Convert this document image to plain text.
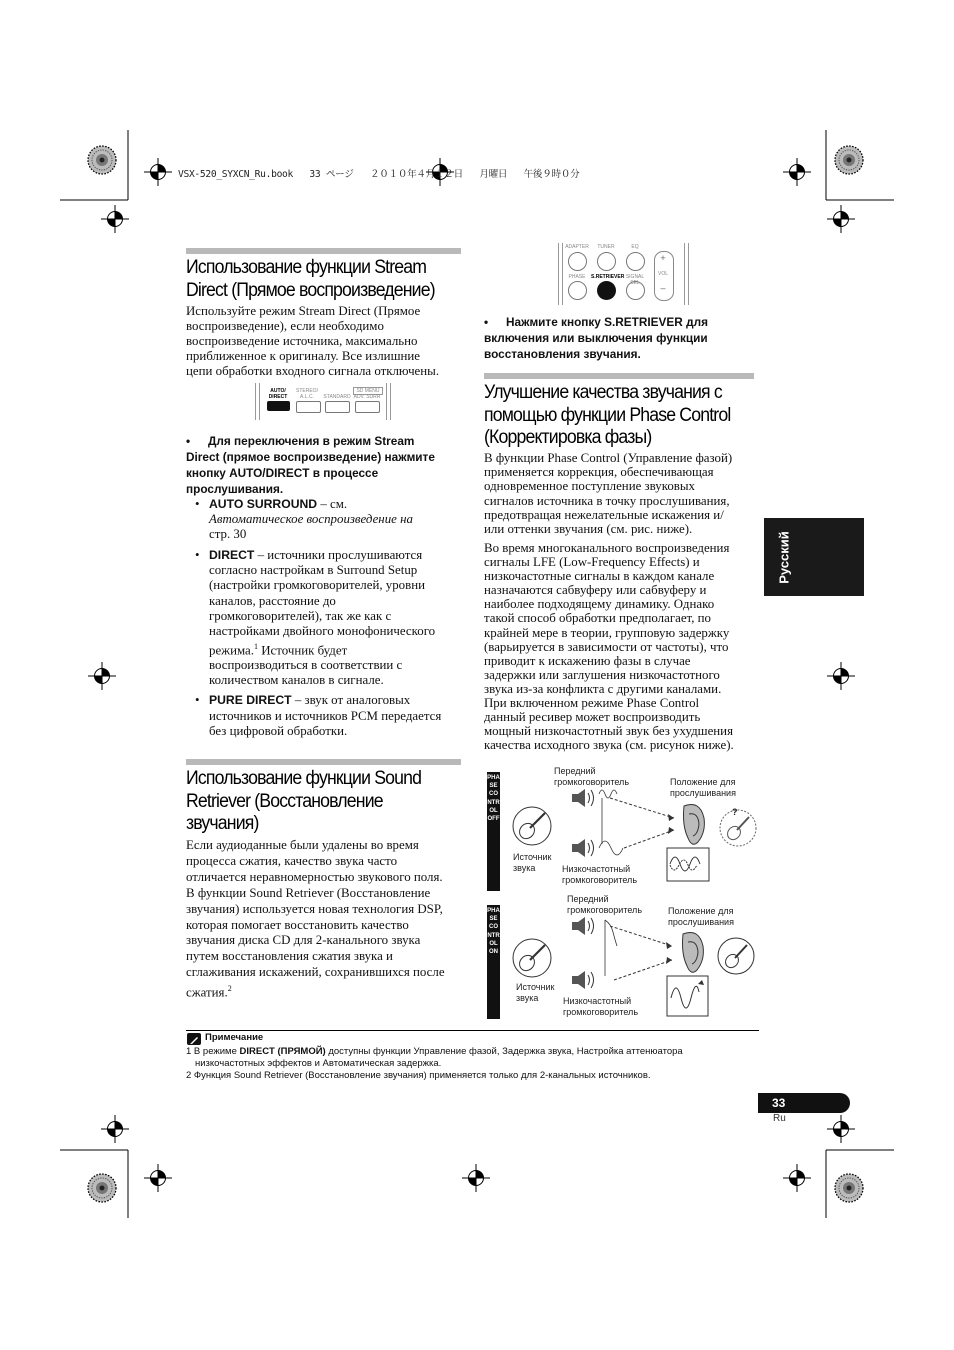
VSX-520_SYXCN_Ru.book   33 ページ   ２０１０年４月１２日   月曜日   午後９時０分
Использование функции Stream
Direct (Прямое воспроизведение)
Используйте режим Stream Direct (Прямое
воспроизведение), если необходимо
воспроизведение источника, максимально
приближенное к оригиналу. Все излишние
цепи обработки входного сигнала отключены.
AUTO/ DIRECT
STEREO/ A.L.C.	STANDARD
SD MENU
ADV. SURR
•	Для переключения в режим Stream
Direct (прямое воспроизведение) нажмите
кнопку AUTO/DIRECT в процессе
прослушивания.
• AUTO SURROUND – см.
Автоматическое воспроизведение на
стр. 30
• DIRECT – источники прослушиваются
согласно настройкам в Surround Setup
(настройки громкоговорителей, уровни
каналов, расстояние до
громкоговорителей), так же как с
настройками двойного монофонического
режима.$^1$ Источник будет
воспроизводиться в соответствии с
количеством каналов в сигнале.
• PURE DIRECT – звук от аналоговых
источников и источников PCM передается
без цифровой обработки.
Использование функции Sound
Retriever (Восстановление
звучания)
Если аудиоданные были удалены во время
процесса сжатия, качество звука часто
отличается неравномерностью звукового поля.
В функции Sound Retriever (Восстановление
звучания) используется новая технология DSP,
которая помогает восстановить качество
звучания диска CD для 2-канального звука
путем восстановления сжатия звука и
сглаживания искажений, сохранившихся после
сжатия.$^2$
ADAPTER	TUNER	EQ
PHASE	S.RETRIEVER SIGNAL SEL
+
VOL
–
•	Нажмите кнопку S.RETRIEVER для
включения или выключения функции
восстановления звучания.
Улучшение качества звучания с
помощью функции Phase Control
(Корректировка фазы)
В функции Phase Control (Управление фазой)
применяется коррекция, обеспечивающая
одновременное поступление звуковых
сигналов источника в точку прослушивания,
предотвращая нежелательные искажения и/
или оттенки звучания (см. рис. ниже).
Во время многоканального воспроизведения
сигналы LFE (Low-Frequency Effects) и
низкочастотные сигналы в каждом канале
назначаются сабвуферу или сабвуферу и
наиболее подходящему динамику. Однако
такой способ обработки предполагает, по
крайней мере в теории, групповую задержку
(варьируется в зависимости от частоты), что
приводит к искажению фазы в случае
задержки или заглушения низкочастотного
звука из-за конфликта с другими каналами.
При включенном режиме Phase Control
данный ресивер может воспроизводить
мощный низкочастотный звук без ухудшения
качества исходного звука (см. рисунок ниже).
Русский
PHASE CONTROL OFF
PHASE CONTROL ON
Передний
громкоговоритель	Положение для
прослушивания
Источник
звука	Низкочастотный
громкоговоритель
?
Передний
громкоговоритель	Положение для
прослушивания
Источник
звука	Низкочастотный
громкоговоритель
Примечание
1 В режиме DIRECT (ПРЯМОЙ) доступны функции Управление фазой, Задержка звука, Настройка аттенюатора
низкочастотных эффектов и Автоматическая задержка.
2 Функция Sound Retriever (Восстановление звучания) применяется только для 2-канальных источников.
33
Ru
